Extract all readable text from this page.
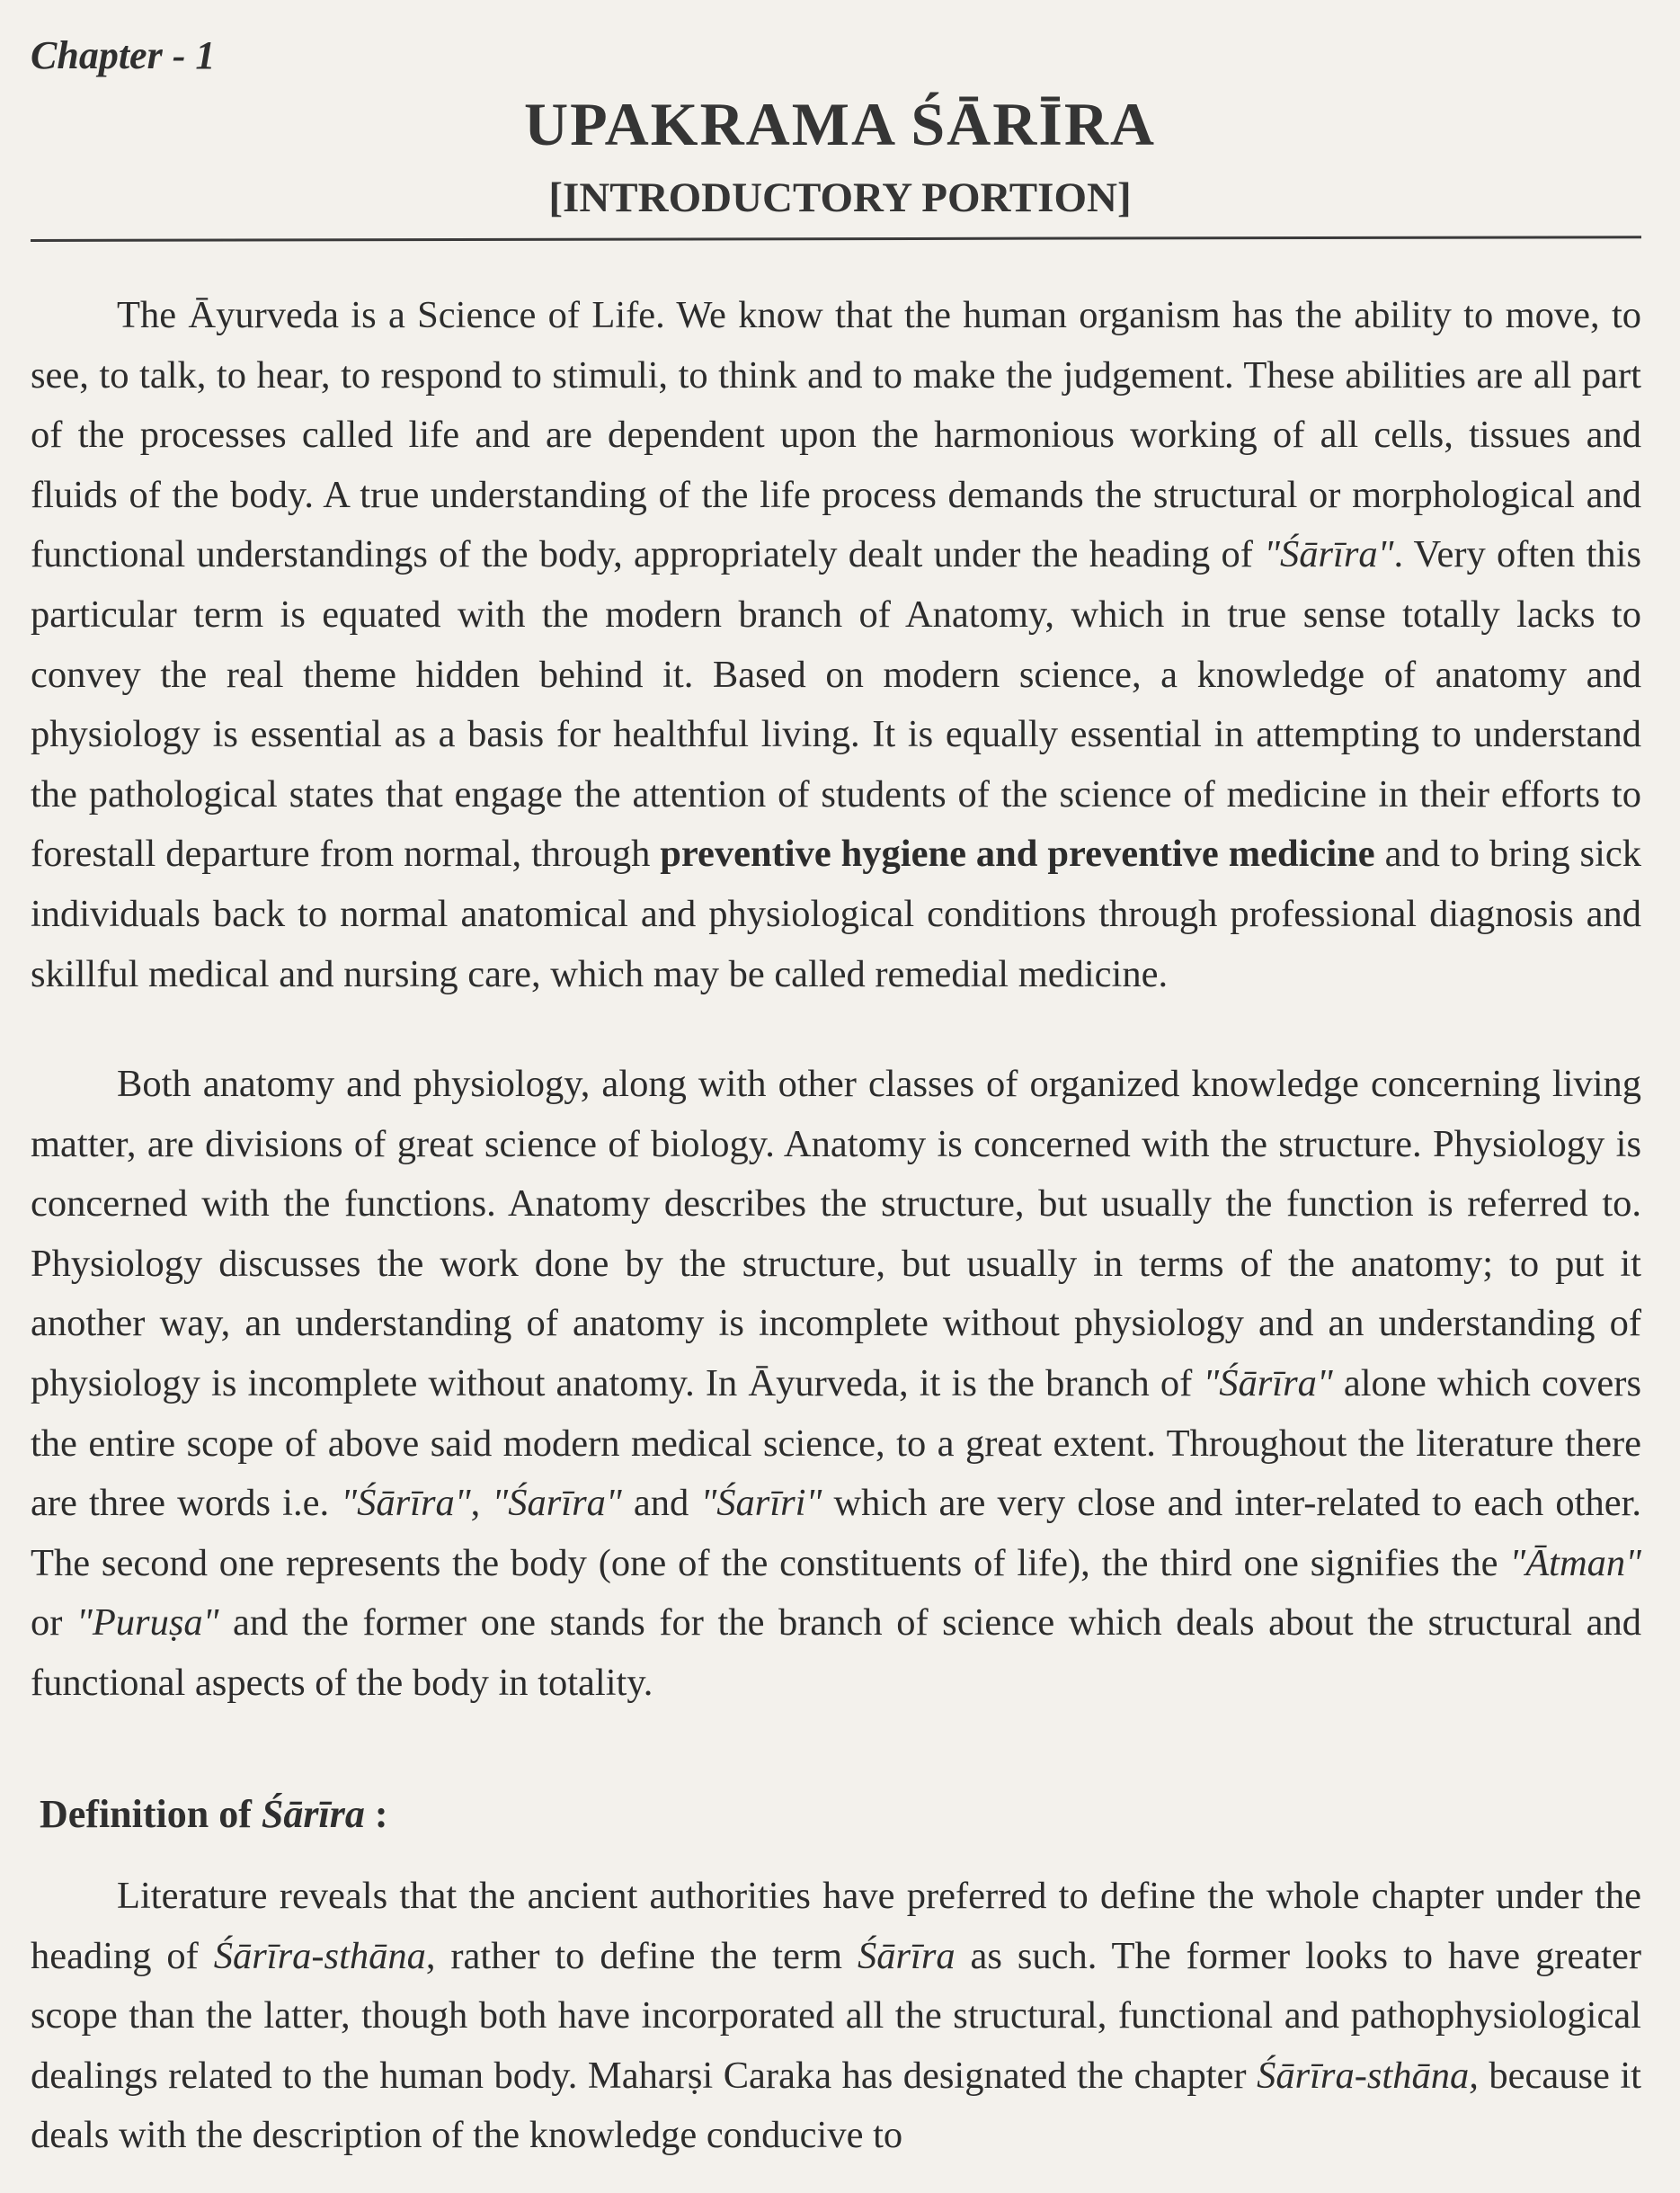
Chapter - 1

UPAKRAMA ŚĀRĪRA
[INTRODUCTORY PORTION]

The Āyurveda is a Science of Life. We know that the human organism has the ability to move, to see, to talk, to hear, to respond to stimuli, to think and to make the judgement. These abilities are all part of the processes called life and are dependent upon the harmonious working of all cells, tissues and fluids of the body. A true understanding of the life process demands the structural or morphological and functional understandings of the body, appropriately dealt under the heading of "Śārīra". Very often this particular term is equated with the modern branch of Anatomy, which in true sense totally lacks to convey the real theme hidden behind it. Based on modern science, a knowledge of anatomy and physiology is essential as a basis for healthful living. It is equally essential in attempting to understand the pathological states that engage the attention of students of the science of medicine in their efforts to forestall departure from normal, through preventive hygiene and preventive medicine and to bring sick individuals back to normal anatomical and physiological conditions through professional diagnosis and skillful medical and nursing care, which may be called remedial medicine.

Both anatomy and physiology, along with other classes of organized knowledge concerning living matter, are divisions of great science of biology. Anatomy is concerned with the structure. Physiology is concerned with the functions. Anatomy describes the structure, but usually the function is referred to. Physiology discusses the work done by the structure, but usually in terms of the anatomy; to put it another way, an understanding of anatomy is incomplete without physiology and an understanding of physiology is incomplete without anatomy. In Āyurveda, it is the branch of "Śārīra" alone which covers the entire scope of above said modern medical science, to a great extent. Throughout the literature there are three words i.e. "Śārīra", "Śarīra" and "Śarīri" which are very close and inter-related to each other. The second one represents the body (one of the constituents of life), the third one signifies the "Ātman" or "Puruṣa" and the former one stands for the branch of science which deals about the structural and functional aspects of the body in totality.

Definition of Śārīra :

Literature reveals that the ancient authorities have preferred to define the whole chapter under the heading of Śārīra-sthāna, rather to define the term Śārīra as such. The former looks to have greater scope than the latter, though both have incorporated all the structural, functional and pathophysiological dealings related to the human body. Maharṣi Caraka has designated the chapter Śārīra-sthāna, because it deals with the description of the knowledge conducive to
